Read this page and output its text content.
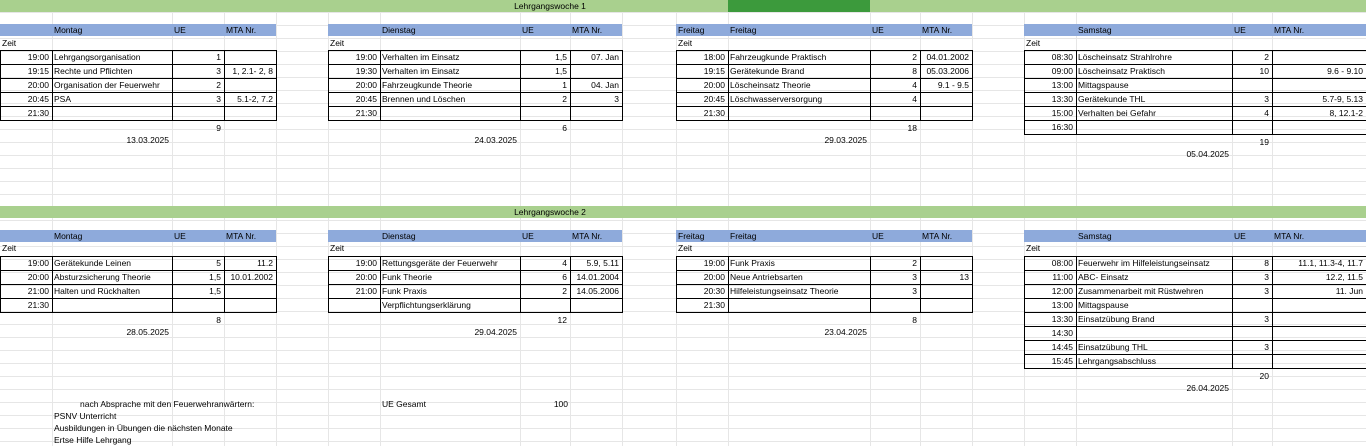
Lehrgangswoche 1
Lehrgangswoche 2
Montag	UE	MTA Nr.
Zeit
19:00 Lehrgangsorganisation	1
19:15 Rechte und Pflichten	3	1, 2.1- 2, 8
20:00 Organisation der Feuerwehr	2
20:45 PSA	3	5.1-2, 7.2
21:30
9
13.03.2025
Dienstag	UE	MTA Nr.
Zeit
19:00 Verhalten im Einsatz	1,5	07. Jan
19:30 Verhalten im Einsatz	1,5
20:00 Fahrzeugkunde Theorie	1	04. Jan
20:45 Brennen und Löschen	2	3
21:30
6
24.03.2025
Freitag
Freitag	UE	MTA Nr.
Zeit
18:00 Fahrzeugkunde Praktisch	2	04.01.2002
19:15 Gerätekunde Brand	8	05.03.2006
20:00 Löscheinsatz Theorie	4	9.1 - 9.5
20:45 Löschwasserversorgung	4
21:30
18
29.03.2025
Samstag	UE	MTA Nr.
Zeit
08:30 Löscheinsatz Strahlrohre	2
09:00 Löscheinsatz Praktisch	10	9.6 - 9.10
13:00 Mittagspause
13:30 Gerätekunde THL	3	5.7-9, 5.13
15:00 Verhalten bei Gefahr	4	8, 12.1-2
16:30
19
05.04.2025
Montag	UE	MTA Nr.
Zeit
19:00 Gerätekunde Leinen	5	11.2
20:00 Absturzsicherung Theorie	1,5	10.01.2002
21:00 Halten und Rückhalten	1,5
21:30
8
28.05.2025
Dienstag	UE	MTA Nr.
Zeit
19:00 Rettungsgeräte der Feuerwehr	4	5.9, 5.11
20:00 Funk Theorie	6	14.01.2004
21:00 Funk Praxis	2	14.05.2006
Verpflichtungserklärung
12
29.04.2025
Freitag
Freitag	UE	MTA Nr.
Zeit
19:00 Funk Praxis	2
20:00 Neue Antriebsarten	3	13
20:30 Hilfeleistungseinsatz Theorie	3
21:30
8
23.04.2025
Samstag	UE	MTA Nr.
Zeit
08:00 Feuerwehr im Hilfeleistungseinsatz	8	11.1, 11.3-4, 11.7
11:00 ABC- Einsatz	3	12.2, 11.5
12:00 Zusammenarbeit mit Rüstwehren	3	11. Jun
13:00 Mittagspause
13:30 Einsatzübung Brand	3
14:30
14:45 Einsatzübung THL	3
15:45 Lehrgangsabschluss
20
26.04.2025
nach Absprache mit den Feuerwehranwärtern:
PSNV Unterricht
Ausbildungen in Übungen die nächsten Monate
Ertse Hilfe Lehrgang
UE Gesamt	100
